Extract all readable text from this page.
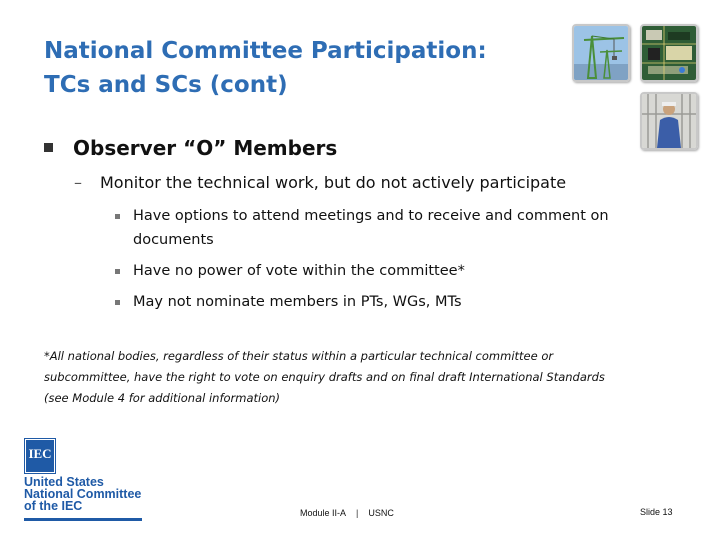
National Committee Participation:
TCs and SCs (cont)
Observer “O” Members
– Monitor the technical work, but do not actively participate
Have options to attend meetings and to receive and comment on
documents
Have no power of vote within the committee*
May not nominate members in PTs, WGs, MTs
*All national bodies, regardless of their status within a particular technical committee or
subcommittee, have the right to vote on enquiry drafts and on final draft International Standards
(see Module 4 for additional information)
IEC
United States
National Committee
of the IEC	Module II-A | USNC	Slide 13
